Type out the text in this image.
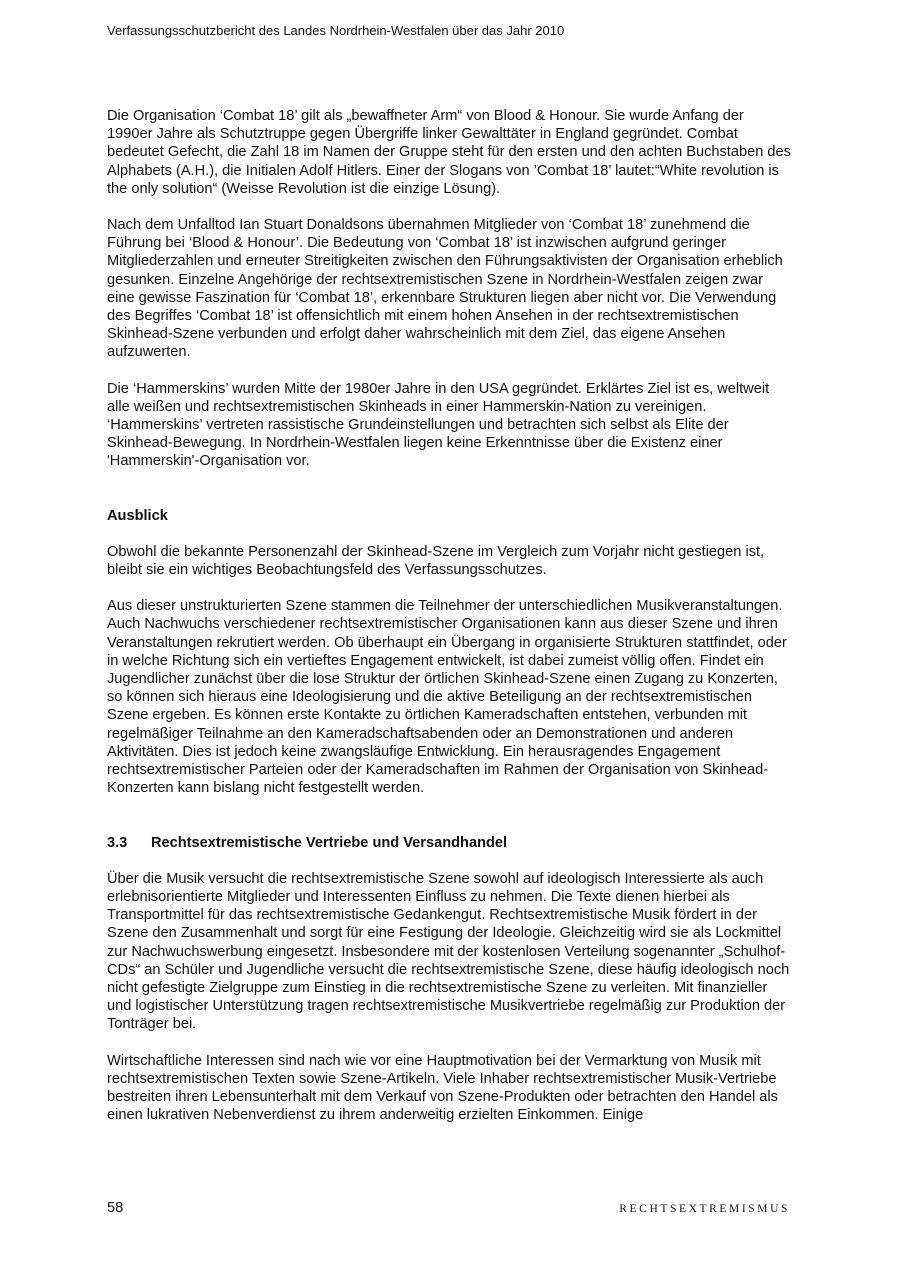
Verfassungsschutzbericht des Landes Nordrhein-Westfalen über das Jahr 2010

Die Organisation ‘Combat 18’ gilt als „bewaffneter Arm“ von Blood & Honour. Sie wurde Anfang der 1990er Jahre als Schutztruppe gegen Übergriffe linker Gewalttäter in England gegründet. Combat bedeutet Gefecht, die Zahl 18 im Namen der Gruppe steht für den ersten und den achten Buchstaben des Alphabets (A.H.), die Initialen Adolf Hitlers. Einer der Slogans von ’Combat 18’ lautet:“White revolution is the only solution“ (Weisse Revolution ist die einzige Lösung).

Nach dem Unfalltod Ian Stuart Donaldsons übernahmen Mitglieder von ‘Combat 18’ zunehmend die Führung bei ‘Blood & Honour’. Die Bedeutung von ‘Combat 18’ ist inzwischen aufgrund geringer Mitgliederzahlen und erneuter Streitigkeiten zwischen den Führungsaktivisten der Organisation erheblich gesunken. Einzelne Angehörige der rechtsextremistischen Szene in Nordrhein-Westfalen zeigen zwar eine gewisse Faszination für ‘Combat 18’, erkennbare Strukturen liegen aber nicht vor. Die Verwendung des Begriffes ‘Combat 18’ ist offensichtlich mit einem hohen Ansehen in der rechtsextremistischen Skinhead-Szene verbunden und erfolgt daher wahrscheinlich mit dem Ziel, das eigene Ansehen aufzuwerten.

Die ‘Hammerskins’ wurden Mitte der 1980er Jahre in den USA gegründet. Erklärtes Ziel ist es, weltweit alle weißen und rechtsextremistischen Skinheads in einer Hammerskin-Nation zu vereinigen. ‘Hammerskins’ vertreten rassistische Grundeinstellungen und betrachten sich selbst als Elite der Skinhead-Bewegung. In Nordrhein-Westfalen liegen keine Erkenntnisse über die Existenz einer 'Hammerskin'-Organisation vor.

Ausblick

Obwohl die bekannte Personenzahl der Skinhead-Szene im Vergleich zum Vorjahr nicht gestiegen ist, bleibt sie ein wichtiges Beobachtungsfeld des Verfassungsschutzes.

Aus dieser unstrukturierten Szene stammen die Teilnehmer der unterschiedlichen Musikveranstaltungen. Auch Nachwuchs verschiedener rechtsextremistischer Organisationen kann aus dieser Szene und ihren Veranstaltungen rekrutiert werden. Ob überhaupt ein Übergang in organisierte Strukturen stattfindet, oder in welche Richtung sich ein vertieftes Engagement entwickelt, ist dabei zumeist völlig offen. Findet ein Jugendlicher zunächst über die lose Struktur der örtlichen Skinhead-Szene einen Zugang zu Konzerten, so können sich hieraus eine Ideologisierung und die aktive Beteiligung an der rechtsextremistischen Szene ergeben. Es können erste Kontakte zu örtlichen Kameradschaften entstehen, verbunden mit regelmäßiger Teilnahme an den Kameradschaftsabenden oder an Demonstrationen und anderen Aktivitäten. Dies ist jedoch keine zwangsläufige Entwicklung. Ein herausragendes Engagement rechtsextremistischer Parteien oder der Kameradschaften im Rahmen der Organisation von Skinhead-Konzerten kann bislang nicht festgestellt werden.

3.3 Rechtsextremistische Vertriebe und Versandhandel

Über die Musik versucht die rechtsextremistische Szene sowohl auf ideologisch Interessierte als auch erlebnisorientierte Mitglieder und Interessenten Einfluss zu nehmen. Die Texte dienen hierbei als Transportmittel für das rechtsextremistische Gedankengut. Rechtsextremistische Musik fördert in der Szene den Zusammenhalt und sorgt für eine Festigung der Ideologie. Gleichzeitig wird sie als Lockmittel zur Nachwuchswerbung eingesetzt. Insbesondere mit der kostenlosen Verteilung sogenannter „Schulhof-CDs“ an Schüler und Jugendliche versucht die rechtsextremistische Szene, diese häufig ideologisch noch nicht gefestigte Zielgruppe zum Einstieg in die rechtsextremistische Szene zu verleiten. Mit finanzieller und logistischer Unterstützung tragen rechtsextremistische Musikvertriebe regelmäßig zur Produktion der Tonträger bei.

Wirtschaftliche Interessen sind nach wie vor eine Hauptmotivation bei der Vermarktung von Musik mit rechtsextremistischen Texten sowie Szene-Artikeln. Viele Inhaber rechtsextremistischer Musik-Vertriebe bestreiten ihren Lebensunterhalt mit dem Verkauf von Szene-Produkten oder betrachten den Handel als einen lukrativen Nebenverdienst zu ihrem anderweitig erzielten Einkommen. Einige

58	RECHTSEXTREMISMUS
